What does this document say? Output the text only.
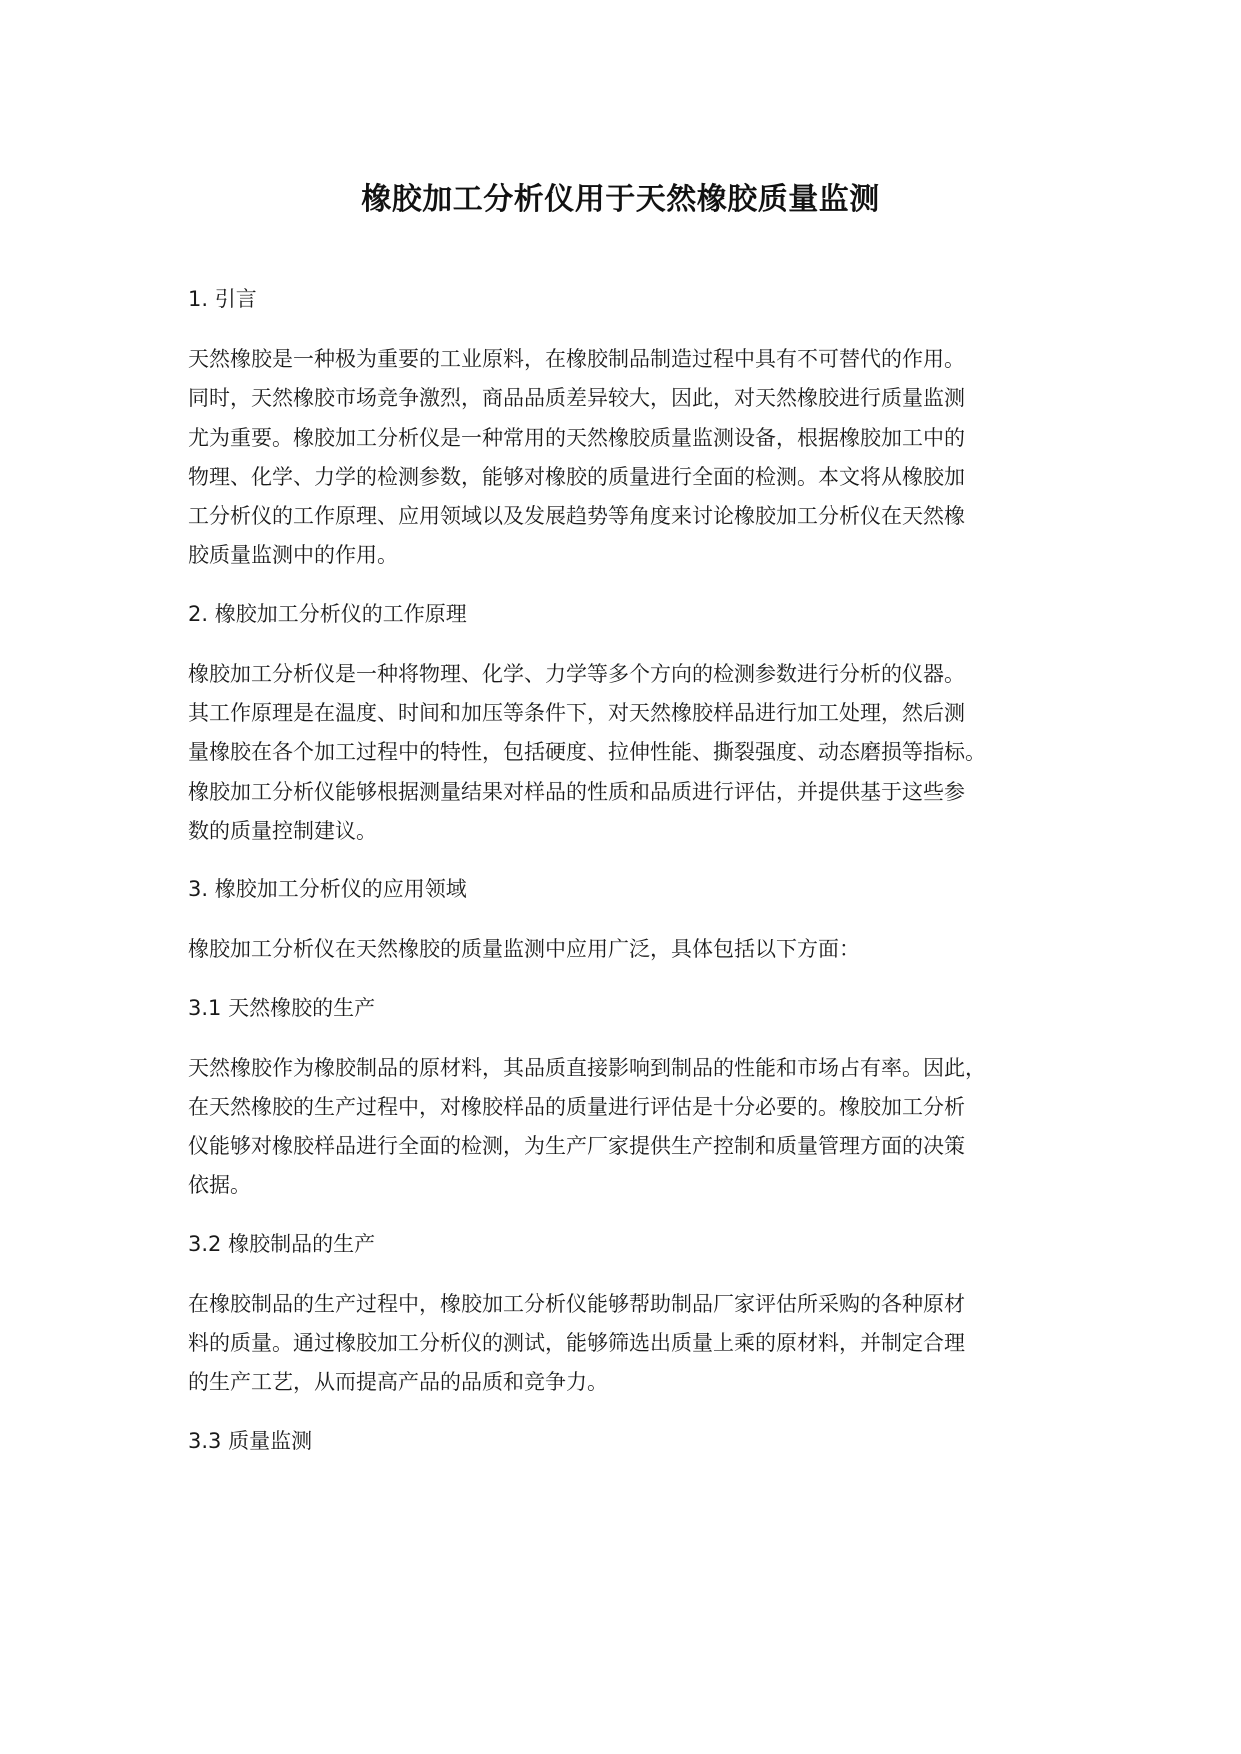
橡胶加工分析仪用于天然橡胶质量监测
1. 引言
天然橡胶是一种极为重要的工业原料，在橡胶制品制造过程中具有不可替代的作用。
同时，天然橡胶市场竞争激烈，商品品质差异较大，因此，对天然橡胶进行质量监测
尤为重要。橡胶加工分析仪是一种常用的天然橡胶质量监测设备，根据橡胶加工中的
物理、化学、力学的检测参数，能够对橡胶的质量进行全面的检测。本文将从橡胶加
工分析仪的工作原理、应用领域以及发展趋势等角度来讨论橡胶加工分析仪在天然橡
胶质量监测中的作用。
2. 橡胶加工分析仪的工作原理
橡胶加工分析仪是一种将物理、化学、力学等多个方向的检测参数进行分析的仪器。
其工作原理是在温度、时间和加压等条件下，对天然橡胶样品进行加工处理，然后测
量橡胶在各个加工过程中的特性，包括硬度、拉伸性能、撕裂强度、动态磨损等指标。
橡胶加工分析仪能够根据测量结果对样品的性质和品质进行评估，并提供基于这些参
数的质量控制建议。
3. 橡胶加工分析仪的应用领域
橡胶加工分析仪在天然橡胶的质量监测中应用广泛，具体包括以下方面：
3.1 天然橡胶的生产
天然橡胶作为橡胶制品的原材料，其品质直接影响到制品的性能和市场占有率。因此，
在天然橡胶的生产过程中，对橡胶样品的质量进行评估是十分必要的。橡胶加工分析
仪能够对橡胶样品进行全面的检测，为生产厂家提供生产控制和质量管理方面的决策
依据。
3.2 橡胶制品的生产
在橡胶制品的生产过程中，橡胶加工分析仪能够帮助制品厂家评估所采购的各种原材
料的质量。通过橡胶加工分析仪的测试，能够筛选出质量上乘的原材料，并制定合理
的生产工艺，从而提高产品的品质和竞争力。
3.3 质量监测
